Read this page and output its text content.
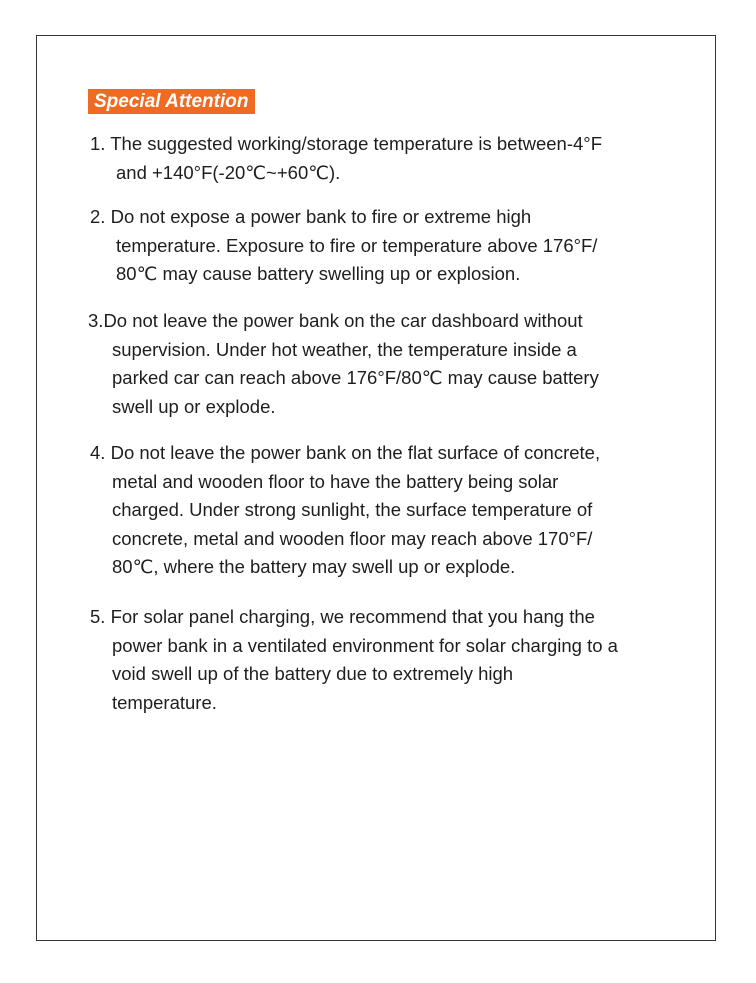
Special Attention
1. The suggested working/storage temperature is between-4°F
and +140°F(-20℃~+60℃).
2. Do not expose a power bank to fire or extreme high
temperature. Exposure to fire or temperature above 176°F/
80℃ may cause battery swelling up or explosion.
3.Do not leave the power bank on the car dashboard without
supervision. Under hot weather, the temperature inside a
parked car can reach above 176°F/80℃ may cause battery
swell up or explode.
4. Do not leave the power bank on the flat surface of concrete,
metal and wooden floor to have the battery being solar
charged. Under strong sunlight, the surface temperature of
concrete, metal and wooden floor may reach above 170°F/
80℃, where the battery may swell up or explode.
5. For solar panel charging, we recommend that you hang the
power bank in a ventilated environment for solar charging to a
void swell up of the battery due to extremely high
temperature.
